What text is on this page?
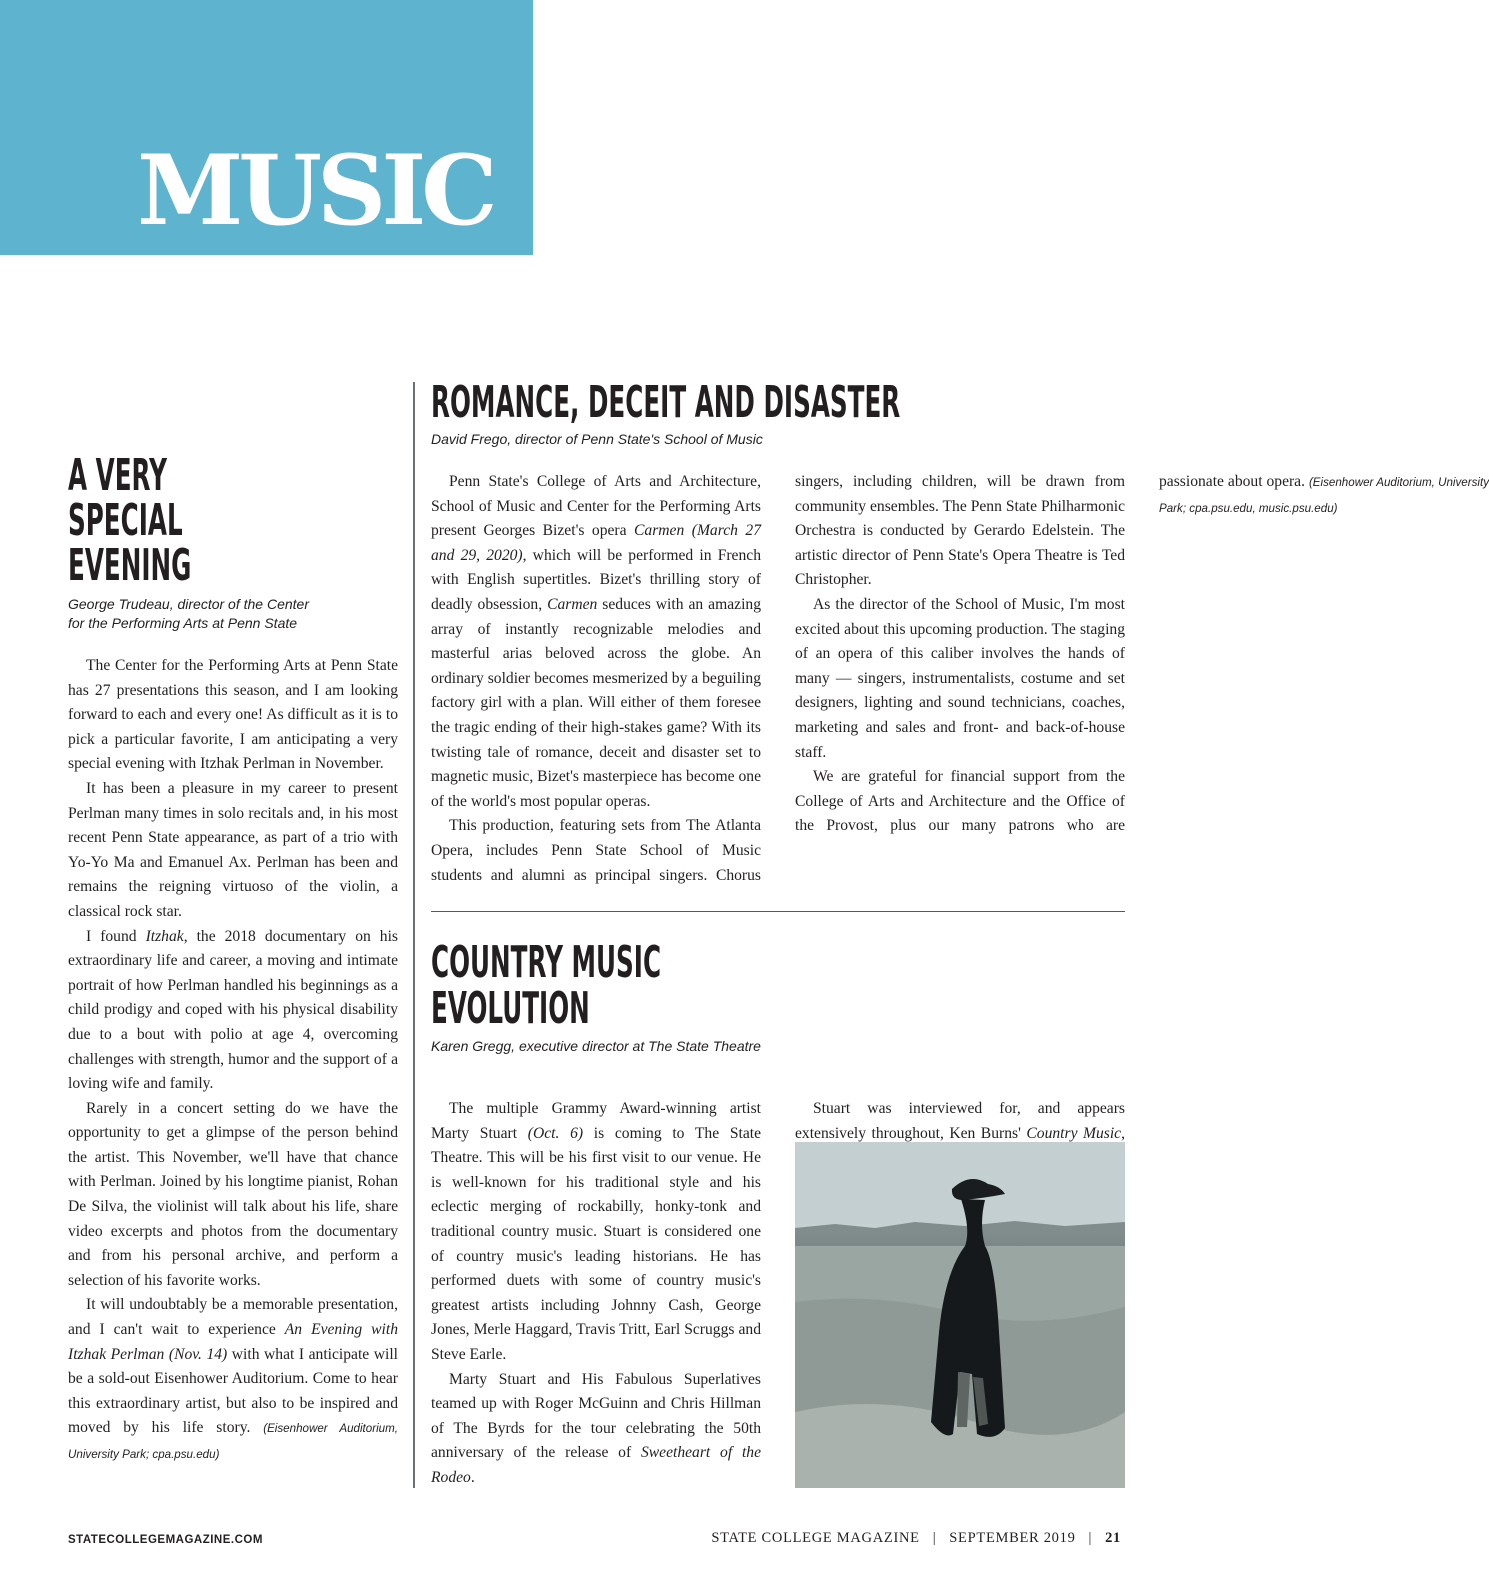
MUSIC
A VERY
SPECIAL
EVENING

George Trudeau, director of the Center
for the Performing Arts at Penn State

The Center for the Performing Arts at Penn State has 27 presentations this season, and I am looking forward to each and every one! As difficult as it is to pick a particular favorite, I am anticipating a very special evening with Itzhak Perlman in November.

It has been a pleasure in my career to present Perlman many times in solo recitals and, in his most recent Penn State appearance, as part of a trio with Yo-Yo Ma and Emanuel Ax. Perlman has been and remains the reigning virtuoso of the violin, a classical rock star.

I found Itzhak, the 2018 documentary on his extraordinary life and career, a moving and intimate portrait of how Perlman handled his beginnings as a child prodigy and coped with his physical disability due to a bout with polio at age 4, overcoming challenges with strength, humor and the support of a loving wife and family.

Rarely in a concert setting do we have the opportunity to get a glimpse of the person behind the artist. This November, we'll have that chance with Perlman. Joined by his longtime pianist, Rohan De Silva, the violinist will talk about his life, share video excerpts and photos from the documentary and from his personal archive, and perform a selection of his favorite works.

It will undoubtably be a memorable presentation, and I can't wait to experience An Evening with Itzhak Perlman (Nov. 14) with what I anticipate will be a sold-out Eisenhower Auditorium. Come to hear this extraordinary artist, but also to be inspired and moved by his life story. (Eisenhower Auditorium, University Park; cpa.psu.edu)

ROMANCE, DECEIT AND DISASTER

David Frego, director of Penn State's School of Music

Penn State's College of Arts and Architecture, School of Music and Center for the Performing Arts present Georges Bizet's opera Carmen (March 27 and 29, 2020), which will be performed in French with English supertitles. Bizet's thrilling story of deadly obsession, Carmen seduces with an amazing array of instantly recognizable melodies and masterful arias beloved across the globe. An ordinary soldier becomes mesmerized by a beguiling factory girl with a plan. Will either of them foresee the tragic ending of their high-stakes game? With its twisting tale of romance, deceit and disaster set to magnetic music, Bizet's masterpiece has become one of the world's most popular operas.

This production, featuring sets from The Atlanta Opera, includes Penn State School of Music students and alumni as principal singers. Chorus singers, including children, will be drawn from community ensembles. The Penn State Philharmonic Orchestra is conducted by Gerardo Edelstein. The artistic director of Penn State's Opera Theatre is Ted Christopher.

As the director of the School of Music, I'm most excited about this upcoming production. The staging of an opera of this caliber involves the hands of many — singers, instrumentalists, costume and set designers, lighting and sound technicians, coaches, marketing and sales and front- and back-of-house staff.

We are grateful for financial support from the College of Arts and Architecture and the Office of the Provost, plus our many patrons who are passionate about opera. (Eisenhower Auditorium, University Park; cpa.psu.edu, music.psu.edu)

COUNTRY MUSIC
EVOLUTION

Karen Gregg, executive director at The State Theatre

The multiple Grammy Award-winning artist Marty Stuart (Oct. 6) is coming to The State Theatre. This will be his first visit to our venue. He is well-known for his traditional style and his eclectic merging of rockabilly, honky-tonk and traditional country music. Stuart is considered one of country music's leading historians. He has performed duets with some of country music's greatest artists including Johnny Cash, George Jones, Merle Haggard, Travis Tritt, Earl Scruggs and Steve Earle.

Marty Stuart and His Fabulous Superlatives teamed up with Roger McGuinn and Chris Hillman of The Byrds for the tour celebrating the 50th anniversary of the release of Sweetheart of the Rodeo.

Stuart was interviewed for, and appears extensively throughout, Ken Burns' Country Music,

STATECOLLEGEMAGAZINE.COM	STATE COLLEGE MAGAZINE | SEPTEMBER 2019 | 21
